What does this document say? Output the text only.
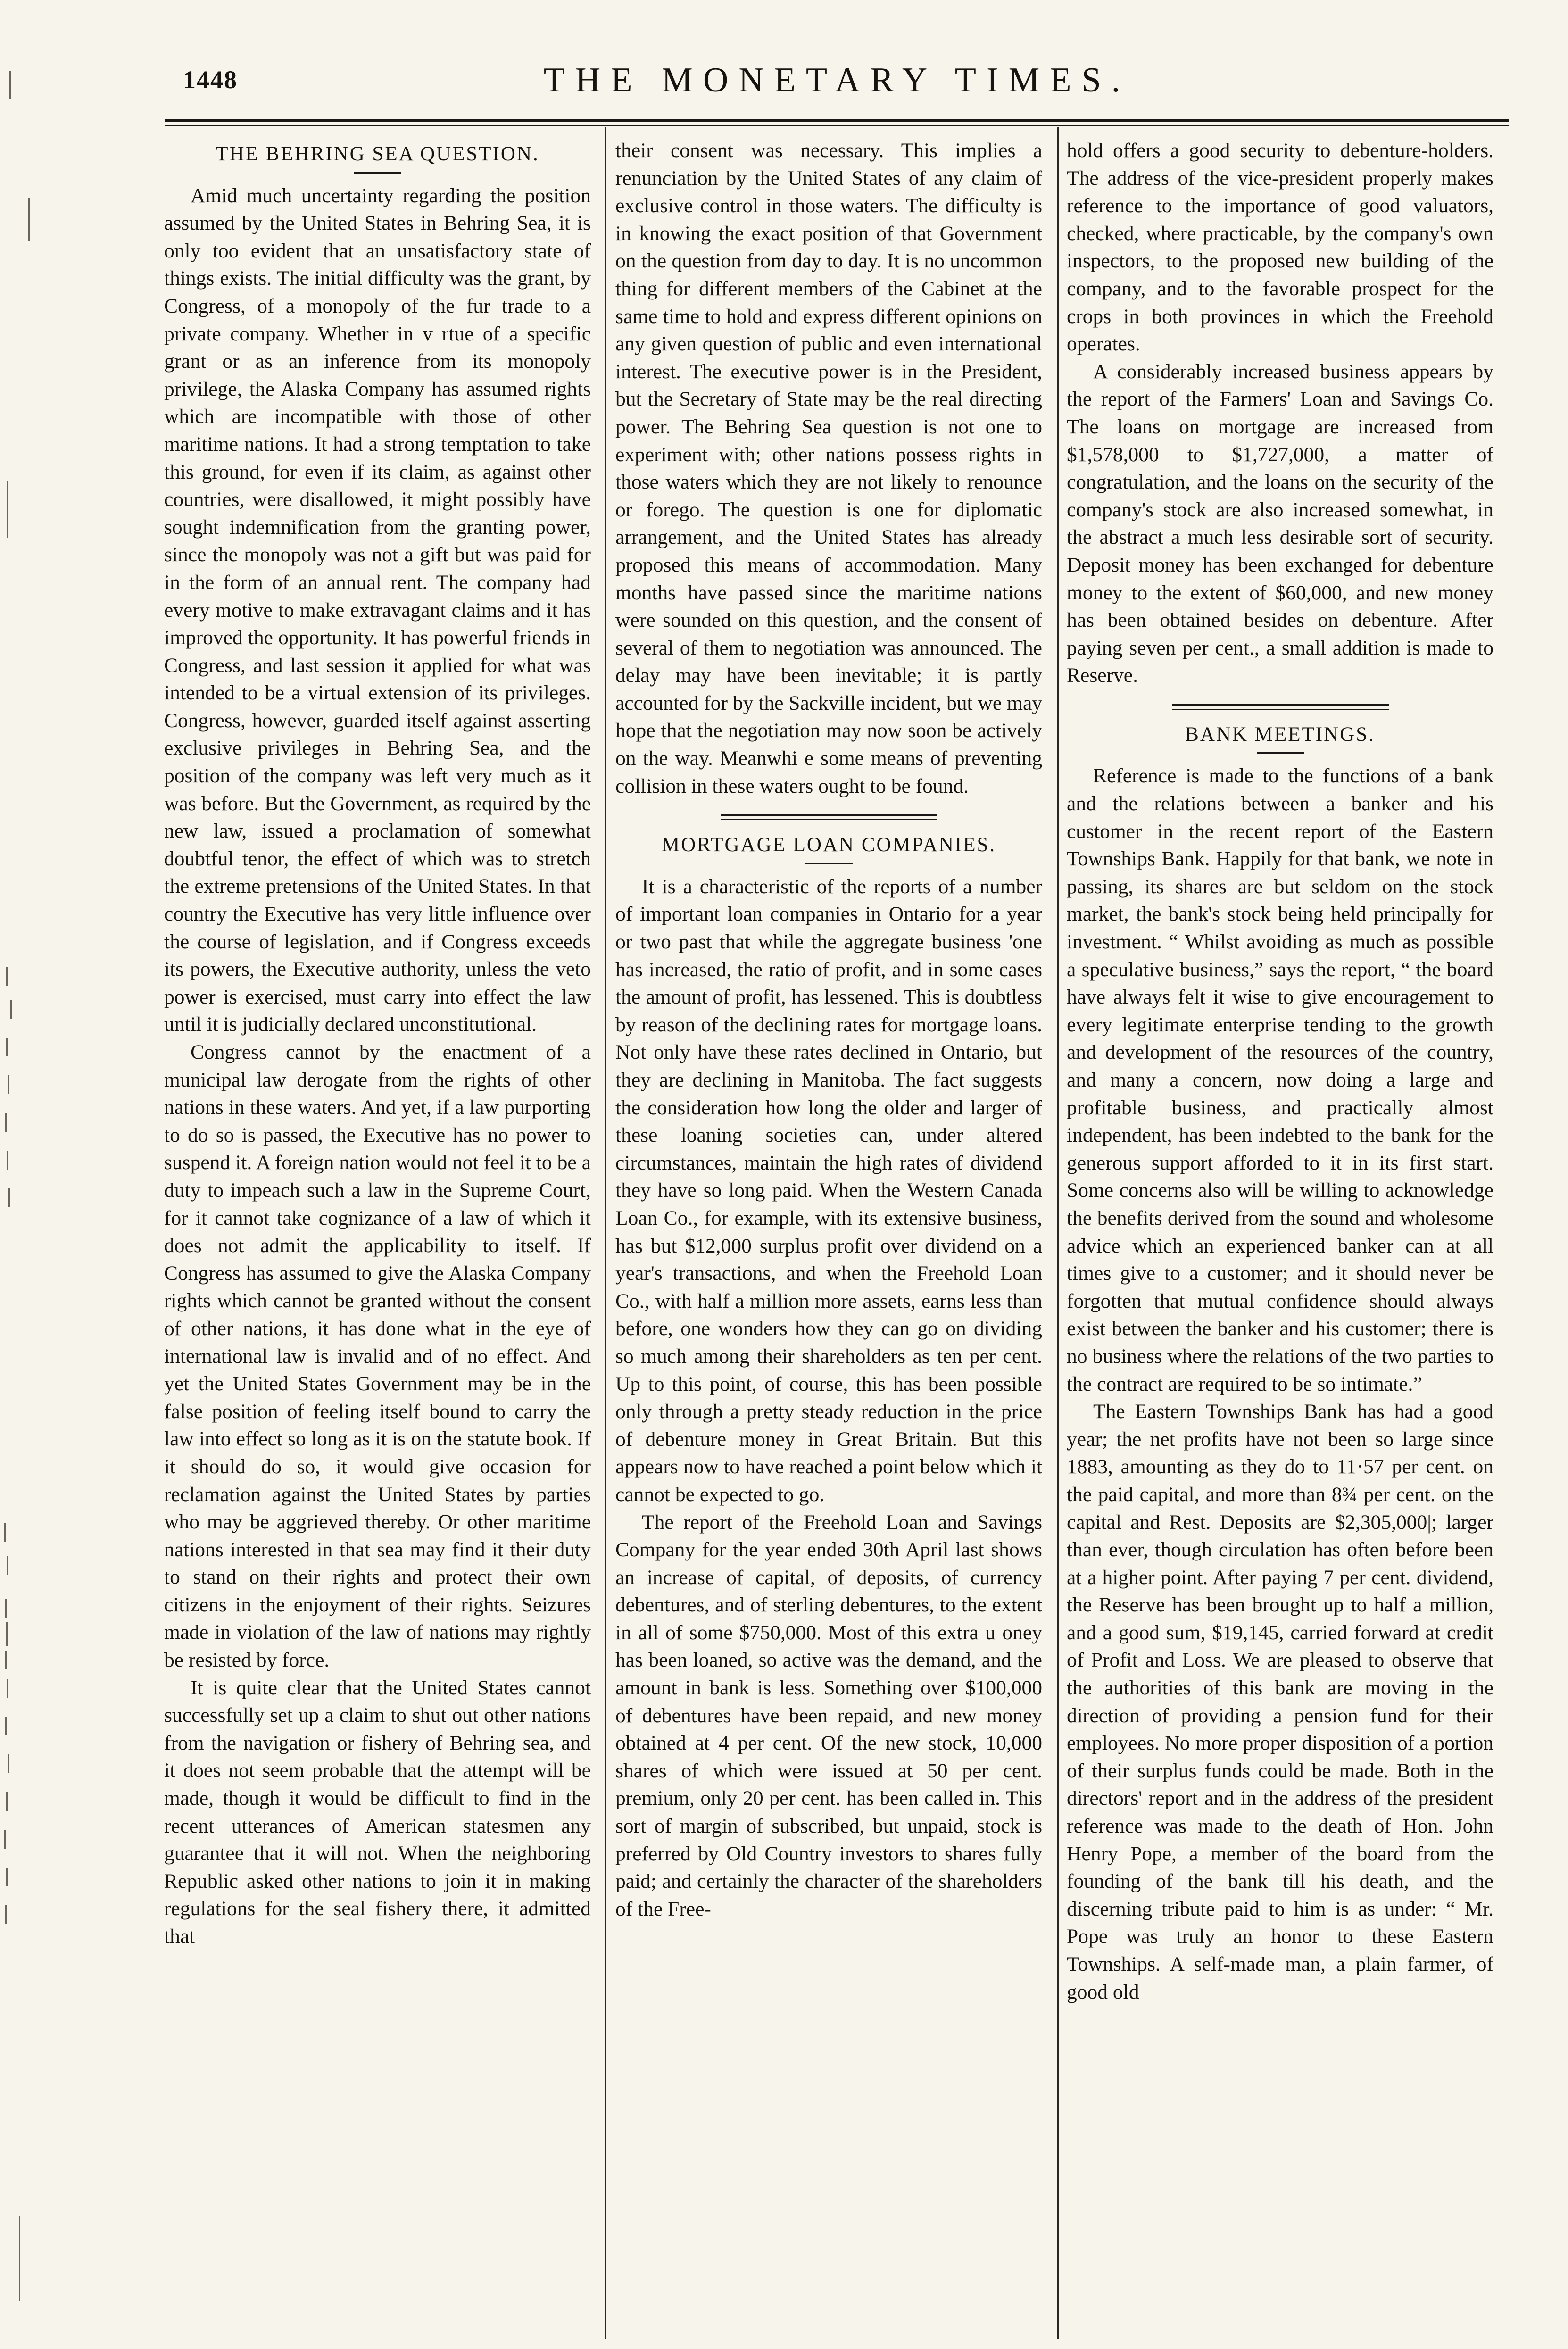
1448	THE MONETARY TIMES.
THE BEHRING SEA QUESTION.

Amid much uncertainty regarding the position assumed by the United States in Behring Sea, it is only too evident that an unsatisfactory state of things exists. The initial difficulty was the grant, by Congress, of a monopoly of the fur trade to a private company. Whether in v rtue of a specific grant or as an inference from its monopoly privilege, the Alaska Company has assumed rights which are incompatible with those of other maritime nations. It had a strong temptation to take this ground, for even if its claim, as against other countries, were disallowed, it might possibly have sought indemnification from the granting power, since the monopoly was not a gift but was paid for in the form of an annual rent. The company had every motive to make extravagant claims and it has improved the opportunity. It has powerful friends in Congress, and last session it applied for what was intended to be a virtual extension of its privileges. Congress, however, guarded itself against asserting exclusive privileges in Behring Sea, and the position of the company was left very much as it was before. But the Government, as required by the new law, issued a proclamation of somewhat doubtful tenor, the effect of which was to stretch the extreme pretensions of the United States. In that country the Executive has very little influence over the course of legislation, and if Congress exceeds its powers, the Executive authority, unless the veto power is exercised, must carry into effect the law until it is judicially declared unconstitutional.

Congress cannot by the enactment of a municipal law derogate from the rights of other nations in these waters. And yet, if a law purporting to do so is passed, the Executive has no power to suspend it. A foreign nation would not feel it to be a duty to impeach such a law in the Supreme Court, for it cannot take cognizance of a law of which it does not admit the applicability to itself. If Congress has assumed to give the Alaska Company rights which cannot be granted without the consent of other nations, it has done what in the eye of international law is invalid and of no effect. And yet the United States Government may be in the false position of feeling itself bound to carry the law into effect so long as it is on the statute book. If it should do so, it would give occasion for reclamation against the United States by parties who may be aggrieved thereby. Or other maritime nations interested in that sea may find it their duty to stand on their rights and protect their own citizens in the enjoyment of their rights. Seizures made in violation of the law of nations may rightly be resisted by force.

It is quite clear that the United States cannot successfully set up a claim to shut out other nations from the navigation or fishery of Behring sea, and it does not seem probable that the attempt will be made, though it would be difficult to find in the recent utterances of American statesmen any guarantee that it will not. When the neighboring Republic asked other nations to join it in making regulations for the seal fishery there, it admitted that

their consent was necessary. This implies a renunciation by the United States of any claim of exclusive control in those waters. The difficulty is in knowing the exact position of that Government on the question from day to day. It is no uncommon thing for different members of the Cabinet at the same time to hold and express different opinions on any given question of public and even international interest. The executive power is in the President, but the Secretary of State may be the real directing power. The Behring Sea question is not one to experiment with; other nations possess rights in those waters which they are not likely to renounce or forego. The question is one for diplomatic arrangement, and the United States has already proposed this means of accommodation. Many months have passed since the maritime nations were sounded on this question, and the consent of several of them to negotiation was announced. The delay may have been inevitable; it is partly accounted for by the Sackville incident, but we may hope that the negotiation may now soon be actively on the way. Meanwhi e some means of preventing collision in these waters ought to be found.

MORTGAGE LOAN COMPANIES.

It is a characteristic of the reports of a number of important loan companies in Ontario for a year or two past that while the aggregate business 'one has increased, the ratio of profit, and in some cases the amount of profit, has lessened. This is doubtless by reason of the declining rates for mortgage loans. Not only have these rates declined in Ontario, but they are declining in Manitoba. The fact suggests the consideration how long the older and larger of these loaning societies can, under altered circumstances, maintain the high rates of dividend they have so long paid. When the Western Canada Loan Co., for example, with its extensive business, has but $12,000 surplus profit over dividend on a year's transactions, and when the Freehold Loan Co., with half a million more assets, earns less than before, one wonders how they can go on dividing so much among their shareholders as ten per cent. Up to this point, of course, this has been possible only through a pretty steady reduction in the price of debenture money in Great Britain. But this appears now to have reached a point below which it cannot be expected to go.

The report of the Freehold Loan and Savings Company for the year ended 30th April last shows an increase of capital, of deposits, of currency debentures, and of sterling debentures, to the extent in all of some $750,000. Most of this extra u oney has been loaned, so active was the demand, and the amount in bank is less. Something over $100,000 of debentures have been repaid, and new money obtained at 4 per cent. Of the new stock, 10,000 shares of which were issued at 50 per cent. premium, only 20 per cent. has been called in. This sort of margin of subscribed, but unpaid, stock is preferred by Old Country investors to shares fully paid; and certainly the character of the shareholders of the Free-

hold offers a good security to debenture-holders. The address of the vice-president properly makes reference to the importance of good valuators, checked, where practicable, by the company's own inspectors, to the proposed new building of the company, and to the favorable prospect for the crops in both provinces in which the Freehold operates.

A considerably increased business appears by the report of the Farmers' Loan and Savings Co. The loans on mortgage are increased from $1,578,000 to $1,727,000, a matter of congratulation, and the loans on the security of the company's stock are also increased somewhat, in the abstract a much less desirable sort of security. Deposit money has been exchanged for debenture money to the extent of $60,000, and new money has been obtained besides on debenture. After paying seven per cent., a small addition is made to Reserve.

BANK MEETINGS.

Reference is made to the functions of a bank and the relations between a banker and his customer in the recent report of the Eastern Townships Bank. Happily for that bank, we note in passing, its shares are but seldom on the stock market, the bank's stock being held principally for investment. “ Whilst avoiding as much as possible a speculative business,” says the report, “ the board have always felt it wise to give encouragement to every legitimate enterprise tending to the growth and development of the resources of the country, and many a concern, now doing a large and profitable business, and practically almost independent, has been indebted to the bank for the generous support afforded to it in its first start. Some concerns also will be willing to acknowledge the benefits derived from the sound and wholesome advice which an experienced banker can at all times give to a customer; and it should never be forgotten that mutual confidence should always exist between the banker and his customer; there is no business where the relations of the two parties to the contract are required to be so intimate.”

The Eastern Townships Bank has had a good year; the net profits have not been so large since 1883, amounting as they do to 11·57 per cent. on the paid capital, and more than 8¾ per cent. on the capital and Rest. Deposits are $2,305,000|; larger than ever, though circulation has often before been at a higher point. After paying 7 per cent. dividend, the Reserve has been brought up to half a million, and a good sum, $19,145, carried forward at credit of Profit and Loss. We are pleased to observe that the authorities of this bank are moving in the direction of providing a pension fund for their employees. No more proper disposition of a portion of their surplus funds could be made. Both in the directors' report and in the address of the president reference was made to the death of Hon. John Henry Pope, a member of the board from the founding of the bank till his death, and the discerning tribute paid to him is as under: “ Mr. Pope was truly an honor to these Eastern Townships. A self-made man, a plain farmer, of good old
